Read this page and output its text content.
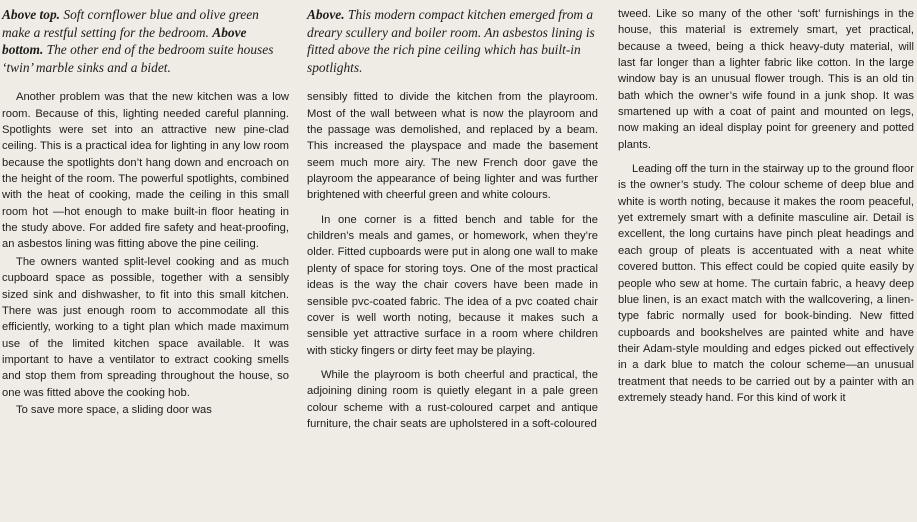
Above top. Soft cornflower blue and olive green make a restful setting for the bedroom. Above bottom. The other end of the bedroom suite houses ‘twin’ marble sinks and a bidet.

Another problem was that the new kitchen was a low room. Because of this, lighting needed careful planning. Spotlights were set into an attractive new pine-clad ceiling. This is a practical idea for lighting in any low room because the spotlights don’t hang down and encroach on the height of the room. The powerful spotlights, combined with the heat of cooking, made the ceiling in this small room hot —hot enough to make built-in floor heating in the study above. For added fire safety and heat-proofing, an asbestos lining was fitting above the pine ceiling.

The owners wanted split-level cooking and as much cupboard space as possible, together with a sensibly sized sink and dishwasher, to fit into this small kitchen. There was just enough room to accommodate all this efficiently, working to a tight plan which made maximum use of the limited kitchen space available. It was important to have a ventilator to extract cooking smells and stop them from spreading throughout the house, so one was fitted above the cooking hob.

To save more space, a sliding door was

Above. This modern compact kitchen emerged from a dreary scullery and boiler room. An asbestos lining is fitted above the rich pine ceiling which has built-in spotlights.

sensibly fitted to divide the kitchen from the playroom. Most of the wall between what is now the playroom and the passage was demolished, and replaced by a beam. This increased the playspace and made the basement seem much more airy. The new French door gave the playroom the appearance of being lighter and was further brightened with cheerful green and white colours.

In one corner is a fitted bench and table for the children’s meals and games, or homework, when they’re older. Fitted cupboards were put in along one wall to make plenty of space for storing toys. One of the most practical ideas is the way the chair covers have been made in sensible pvc-coated fabric. The idea of a pvc coated chair cover is well worth noting, because it makes such a sensible yet attractive surface in a room where children with sticky fingers or dirty feet may be playing.

While the playroom is both cheerful and practical, the adjoining dining room is quietly elegant in a pale green colour scheme with a rust-coloured carpet and antique furniture, the chair seats are upholstered in a soft-coloured

tweed. Like so many of the other ‘soft’ furnishings in the house, this material is extremely smart, yet practical, because a tweed, being a thick heavy-duty material, will last far longer than a lighter fabric like cotton. In the large window bay is an unusual flower trough. This is an old tin bath which the owner’s wife found in a junk shop. It was smartened up with a coat of paint and mounted on legs, now making an ideal display point for greenery and potted plants.

Leading off the turn in the stairway up to the ground floor is the owner’s study. The colour scheme of deep blue and white is worth noting, because it makes the room peaceful, yet extremely smart with a definite masculine air. Detail is excellent, the long curtains have pinch pleat headings and each group of pleats is accentuated with a neat white covered button. This effect could be copied quite easily by people who sew at home. The curtain fabric, a heavy deep blue linen, is an exact match with the wallcovering, a linen-type fabric normally used for book-binding. New fitted cupboards and bookshelves are painted white and have their Adam-style moulding and edges picked out effectively in a dark blue to match the colour scheme—an unusual treatment that needs to be carried out by a painter with an extremely steady hand. For this kind of work it
